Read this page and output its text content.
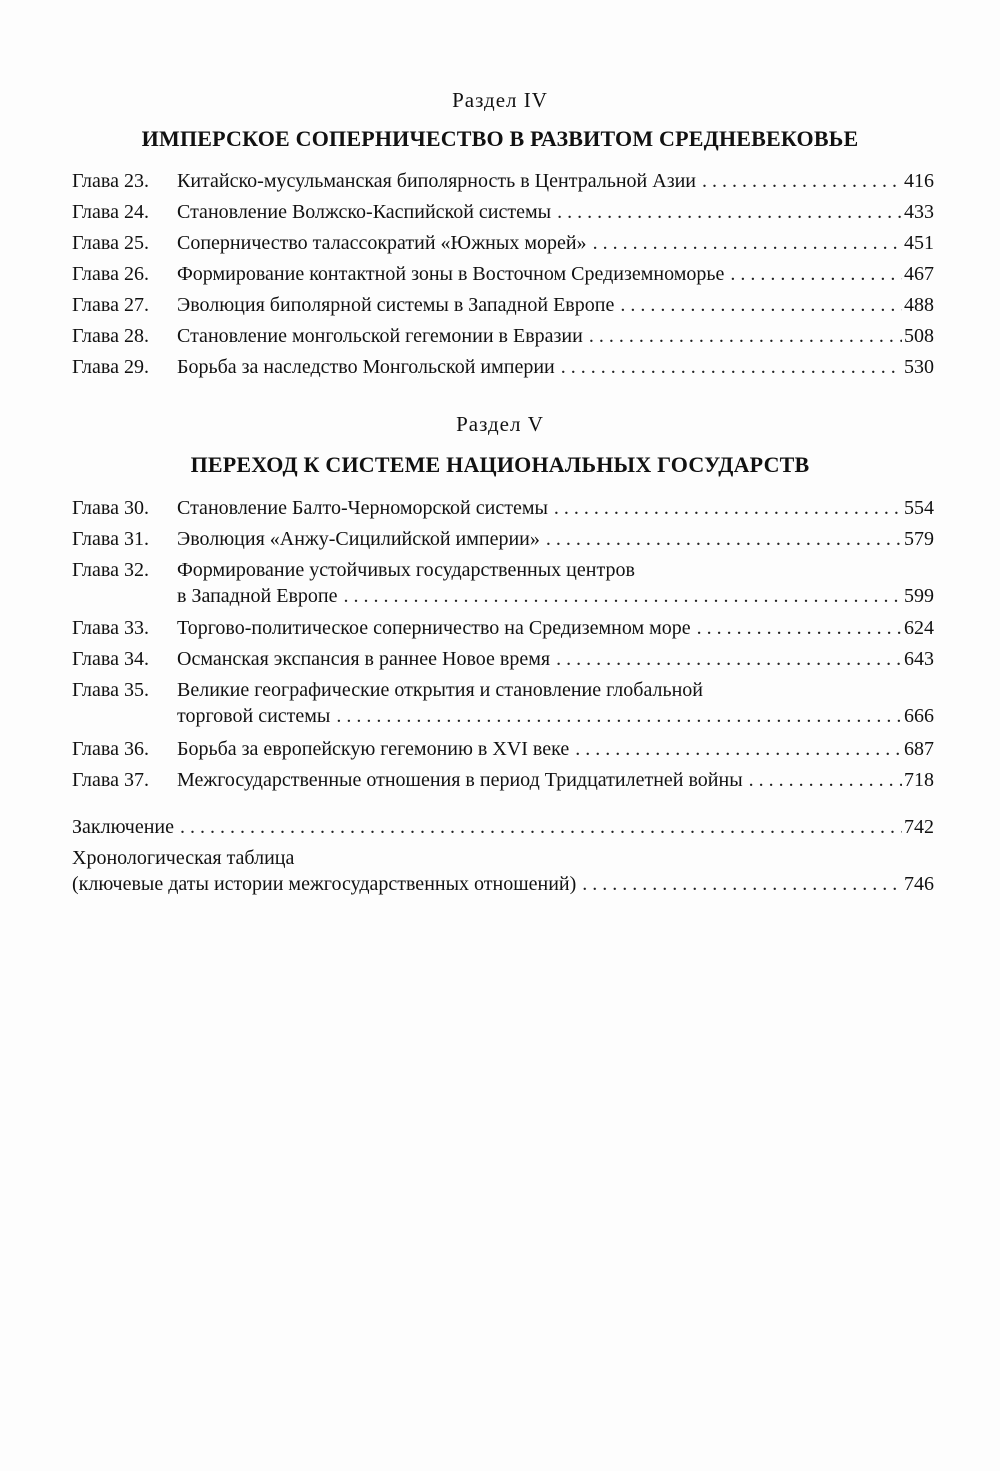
Раздел IV
ИМПЕРСКОЕ СОПЕРНИЧЕСТВО В РАЗВИТОМ СРЕДНЕВЕКОВЬЕ
Глава 23.	Китайско-мусульманская биполярность в Центральной Азии . . .	416
Глава 24.	Становление Волжско-Каспийской системы . . .	433
Глава 25.	Соперничество талассократий «Южных морей» . . .	451
Глава 26.	Формирование контактной зоны в Восточном Средиземноморье . . .	467
Глава 27.	Эволюция биполярной системы в Западной Европе . . .	488
Глава 28.	Становление монгольской гегемонии в Евразии . . .	508
Глава 29.	Борьба за наследство Монгольской империи . . .	530
Раздел V
ПЕРЕХОД К СИСТЕМЕ НАЦИОНАЛЬНЫХ ГОСУДАРСТВ
Глава 30.	Становление Балто-Черноморской системы . . .	554
Глава 31.	Эволюция «Анжу-Сицилийской империи» . . .	579
Глава 32.	Формирование устойчивых государственных центров
в Западной Европе . . .	599
Глава 33.	Торгово-политическое соперничество на Средиземном море . . .	624
Глава 34.	Османская экспансия в раннее Новое время . . .	643
Глава 35.	Великие географические открытия и становление глобальной
торговой системы . . .	666
Глава 36.	Борьба за европейскую гегемонию в XVI веке . . .	687
Глава 37.	Межгосударственные отношения в период Тридцатилетней войны . . .	718
Заключение . . .	742
Хронологическая таблица
(ключевые даты истории межгосударственных отношений) . . .	746
